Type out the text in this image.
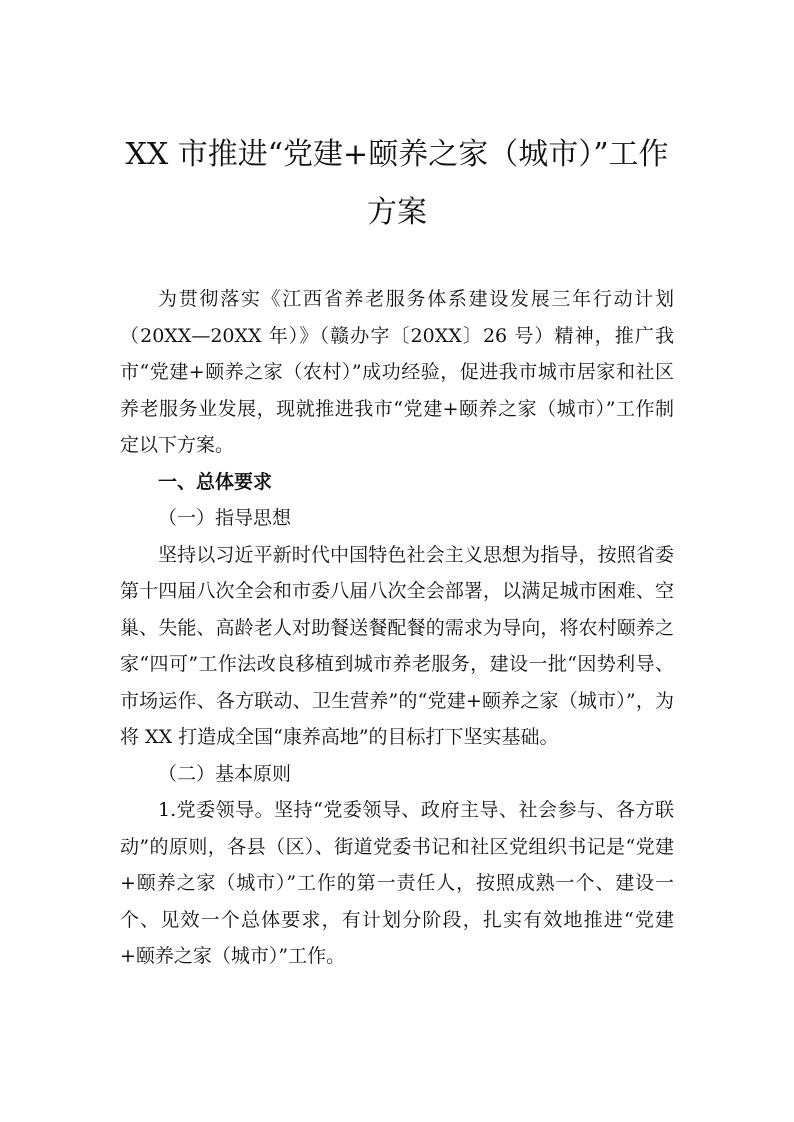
XX 市推进“党建+颐养之家（城市）”工作
方案

为贯彻落实《江西省养老服务体系建设发展三年行动计划（20XX—20XX 年）》（赣办字〔20XX〕26 号）精神，推广我市“党建+颐养之家（农村）”成功经验，促进我市城市居家和社区养老服务业发展，现就推进我市“党建+颐养之家（城市）”工作制定以下方案。

一、总体要求

（一）指导思想

坚持以习近平新时代中国特色社会主义思想为指导，按照省委第十四届八次全会和市委八届八次全会部署，以满足城市困难、空巢、失能、高龄老人对助餐送餐配餐的需求为导向，将农村颐养之家“四可”工作法改良移植到城市养老服务，建设一批“因势利导、市场运作、各方联动、卫生营养”的“党建+颐养之家（城市）”，为将 XX 打造成全国“康养高地”的目标打下坚实基础。

（二）基本原则

1.党委领导。坚持“党委领导、政府主导、社会参与、各方联动”的原则，各县（区）、街道党委书记和社区党组织书记是“党建+颐养之家（城市）”工作的第一责任人，按照成熟一个、建设一个、见效一个总体要求，有计划分阶段，扎实有效地推进“党建+颐养之家（城市）”工作。
